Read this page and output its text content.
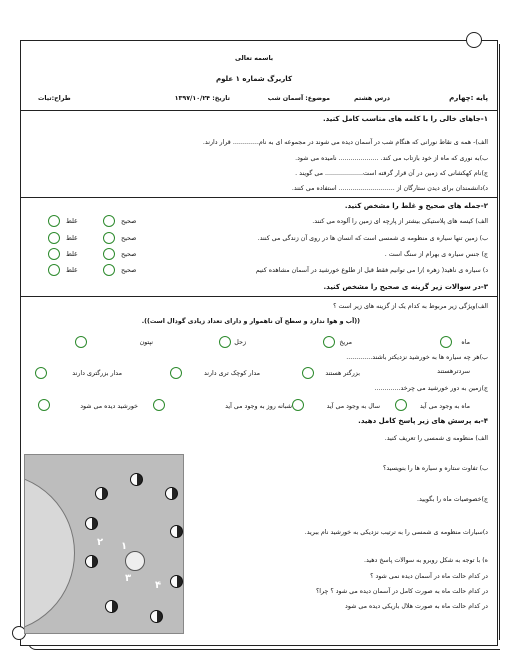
باسمه تعالی
کاربرگ شماره ۱ علوم
پایه :چهارم
درس هشتم
موضوع: آسمان شب
تاریخ: ۱۳۹۷/۱۰/۲۴
طراح:تیات
۱-جاهای خالی را با کلمه های مناسب کامل کنید.
الف)- همه ی نقاط نورانی که هنگام شب در آسمان دیده می شوند در مجموعه ای به نام............. قرار دارند.
ب)به نوری که ماه از خود بازتاب می کند. .................... نامیده می شود.
ج)نام کهکشانی که زمین در آن قرار گرفته است................... می گویند .
د)دانشمندان برای دیدن ستارگان از ............................ استفاده می کنند.
۲-جمله های صحیح و غلط را مشخص کنید.
الف) کیسه های پلاستیکی بیشتر از پارچه ای زمین را آلوده می کنند.
ب) زمین تنها سیاره ی منظومه ی شمسی است که انسان ها در روی آن زندگی می کنند.
ج) جنس سیاره ی بهرام از سنگ است .
د) سیاره ی ناهید( زهره )را می توانیم فقط قبل از طلوع خورشید در آسمان مشاهده کنیم
صحیح
غلط
صحیح
غلط
صحیح
غلط
صحیح
غلط
۳-در سوالات زیر گزینه ی صحیح را مشخص کنید.
الف)ویژگی زیر مربوط به کدام یک از گزینه های زیر است ؟
((آب و هوا ندارد و سطح آن ناهموار و دارای تعداد زیادی گودال است)).
ماه
مریخ
زحل
نپتون
ب)هر چه سیاره ها به خورشید نزدیکتر باشند.............
سردترهستند
بزرگتر هستند
مدار کوچک تری دارند
مدار بزرگتری دارند
ج)زمین به دور خورشید می چرخد.............
ماه به وجود می آید
سال به وجود می آید
شبانه روز به وجود می آید
خورشید دیده می شود
۴-به پرسش های زیر پاسخ کامل دهید.
الف) منظومه ی شمسی را تعریف کنید.
ب) تفاوت ستاره و سیاره ها را بنویسید؟
ج)خصوصیات ماه را بگویید.
د)سیارات منظومه ی شمسی را به ترتیب نزدیکی به خورشید نام ببرید.
ه) با توجه به شکل روبرو به سوالات پاسخ دهید.
در کدام حالت ماه در آسمان دیده نمی شود ؟
در کدام حالت ماه به صورت کامل در آسمان دیده می شود ؟ چرا؟
در کدام حالت ماه به صورت هلال باریکی دیده می شود
۱
۲
۳
۴
